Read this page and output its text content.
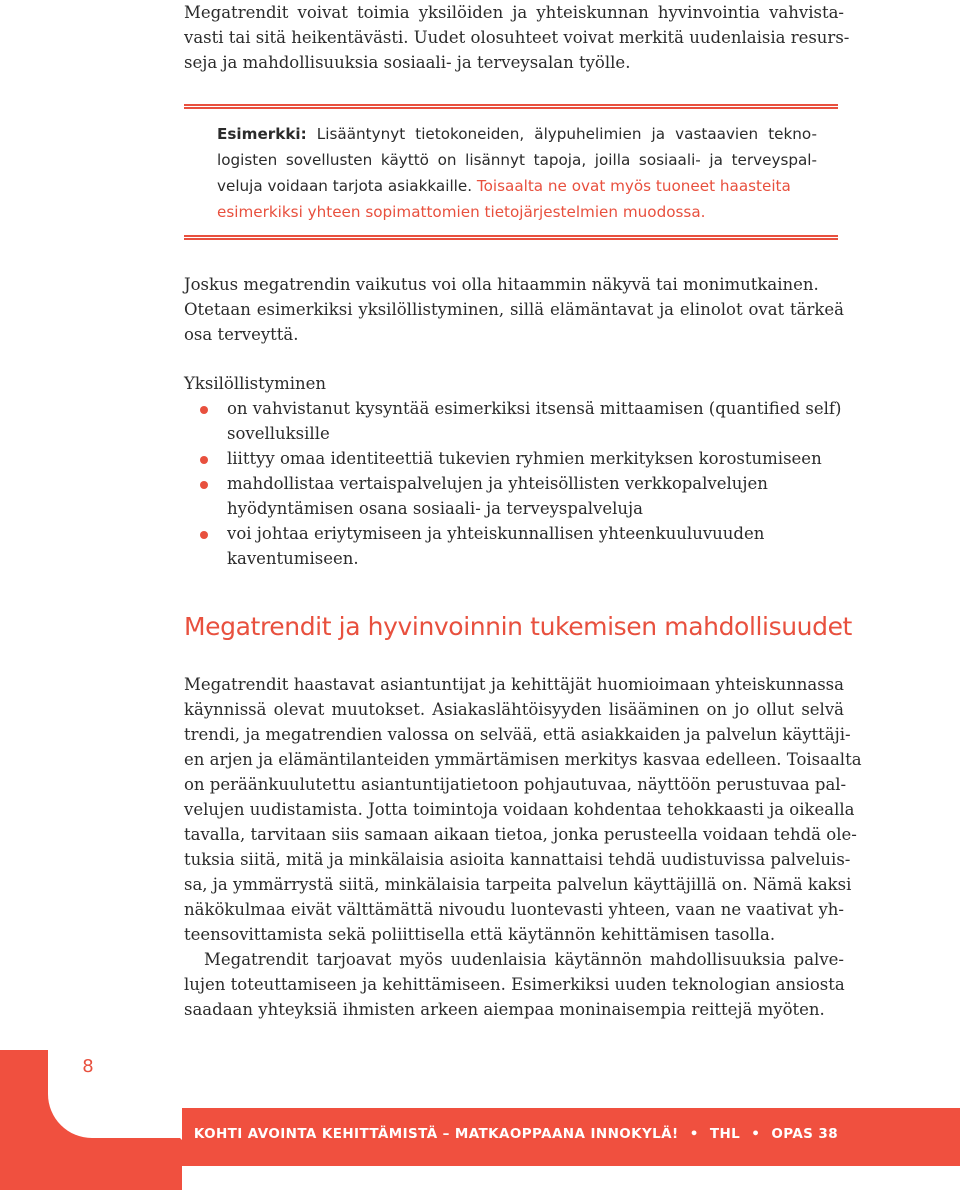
Megatrendit voivat toimia yksilöiden ja yhteiskunnan hyvinvointia vahvista-
vasti tai sitä heikentävästi. Uudet olosuhteet voivat merkitä uudenlaisia resurs-
seja ja mahdollisuuksia sosiaali- ja terveysalan työlle.
Esimerkki: Lisääntynyt tietokoneiden, älypuhelimien ja vastaavien tekno-
logisten sovellusten käyttö on lisännyt tapoja, joilla sosiaali- ja terveyspal-
veluja voidaan tarjota asiakkaille. Toisaalta ne ovat myös tuoneet haasteita
esimerkiksi yhteen sopimattomien tietojärjestelmien muodossa.
Joskus megatrendin vaikutus voi olla hitaammin näkyvä tai monimutkainen.
Otetaan esimerkiksi yksilöllistyminen, sillä elämäntavat ja elinolot ovat tärkeä
osa terveyttä.
Yksilöllistyminen
on vahvistanut kysyntää esimerkiksi itsensä mittaamisen (quantified self)
sovelluksille
liittyy omaa identiteettiä tukevien ryhmien merkityksen korostumiseen
mahdollistaa vertaispalvelujen ja yhteisöllisten verkkopalvelujen
hyödyntämisen osana sosiaali- ja terveyspalveluja
voi johtaa eriytymiseen ja yhteiskunnallisen yhteenkuuluvuuden
kaventumiseen.
Megatrendit ja hyvinvoinnin tukemisen mahdollisuudet
Megatrendit haastavat asiantuntijat ja kehittäjät huomioimaan yhteiskunnassa
käynnissä olevat muutokset. Asiakaslähtöisyyden lisääminen on jo ollut selvä
trendi, ja megatrendien valossa on selvää, että asiakkaiden ja palvelun käyttäji-
en arjen ja elämäntilanteiden ymmärtämisen merkitys kasvaa edelleen. Toisaalta
on peräänkuulutettu asiantuntijatietoon pohjautuvaa, näyttöön perustuvaa pal-
velujen uudistamista. Jotta toimintoja voidaan kohdentaa tehokkaasti ja oikealla
tavalla, tarvitaan siis samaan aikaan tietoa, jonka perusteella voidaan tehdä ole-
tuksia siitä, mitä ja minkälaisia asioita kannattaisi tehdä uudistuvissa palveluis-
sa, ja ymmärrystä siitä, minkälaisia tarpeita palvelun käyttäjillä on. Nämä kaksi
näkökulmaa eivät välttämättä nivoudu luontevasti yhteen, vaan ne vaativat yh-
teensovittamista sekä poliittisella että käytännön kehittämisen tasolla.
Megatrendit tarjoavat myös uudenlaisia käytännön mahdollisuuksia palve-
lujen toteuttamiseen ja kehittämiseen. Esimerkiksi uuden teknologian ansiosta
saadaan yhteyksiä ihmisten arkeen aiempaa moninaisempia reittejä myöten.
8
KOHTI AVOINTA KEHITTÄMISTÄ – MATKAOPPAANA INNOKYLÄ! • THL • OPAS 38
